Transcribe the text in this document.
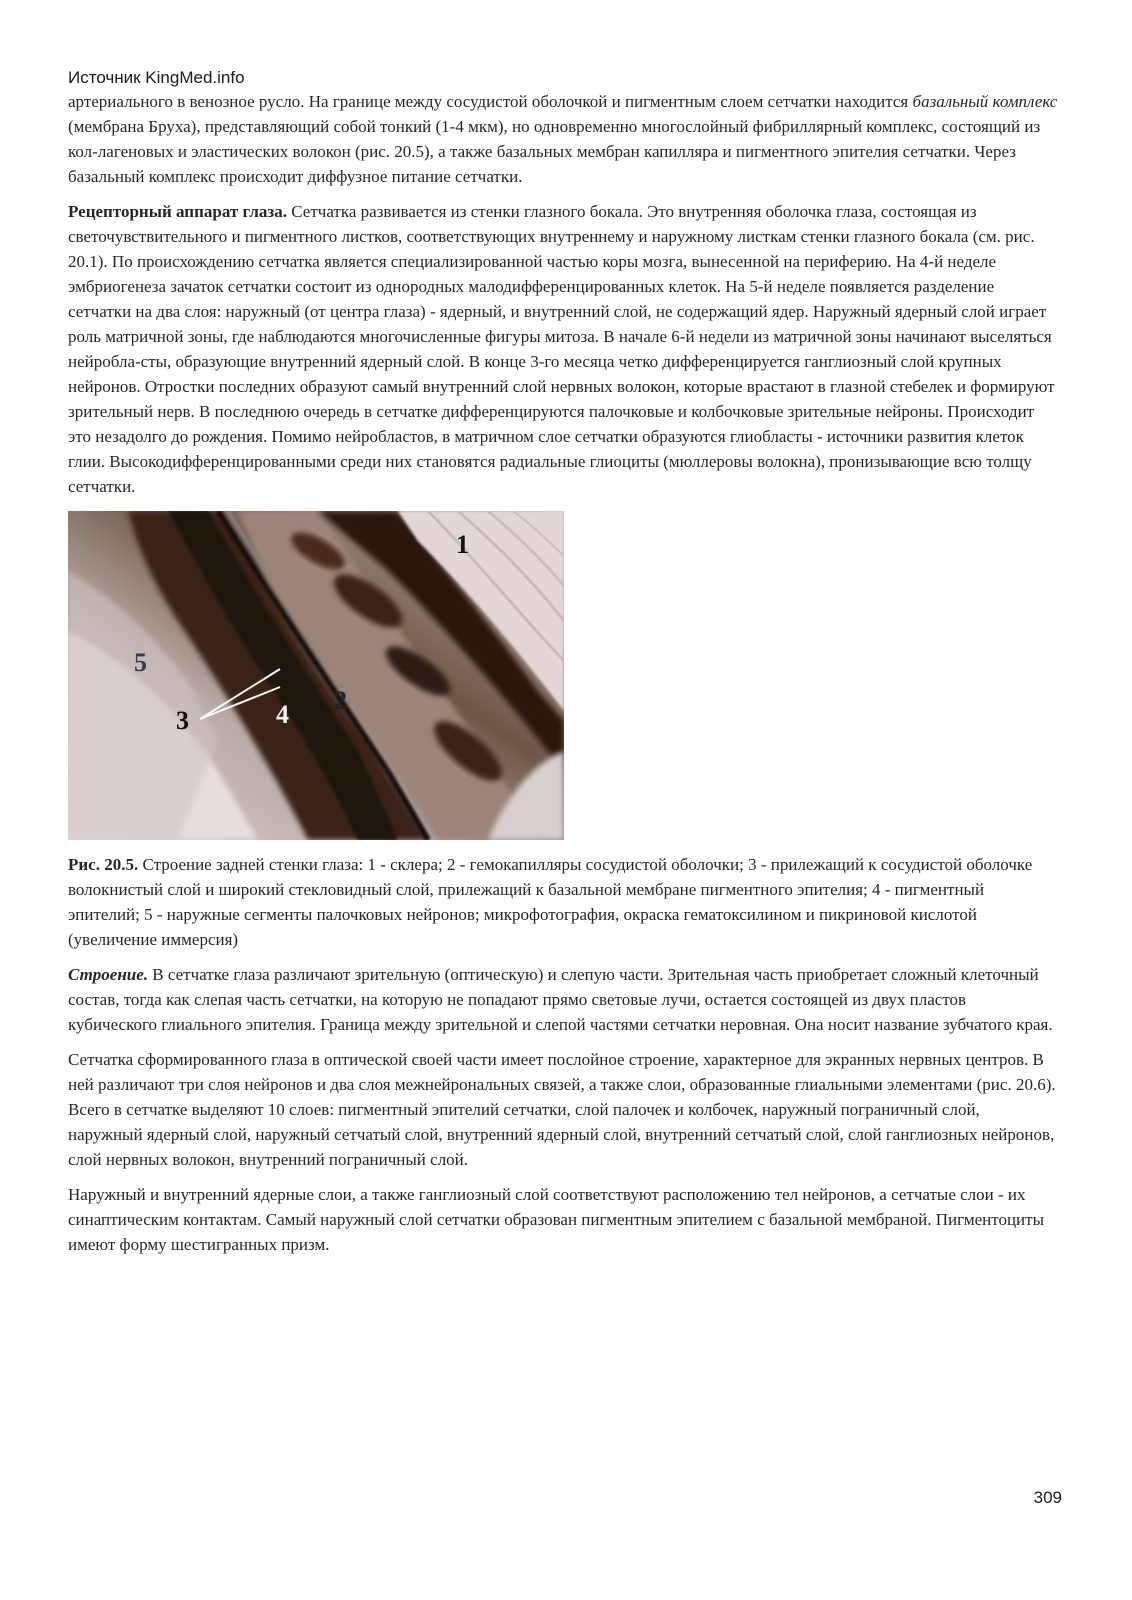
Источник KingMed.info

артериального в венозное русло. На границе между сосудистой оболочкой и пигментным слоем сетчатки находится базальный комплекс (мембрана Бруха), представляющий собой тонкий (1-4 мкм), но одновременно многослойный фибриллярный комплекс, состоящий из кол-лагеновых и эластических волокон (рис. 20.5), а также базальных мембран капилляра и пигментного эпителия сетчатки. Через базальный комплекс происходит диффузное питание сетчатки.

Рецепторный аппарат глаза. Сетчатка развивается из стенки глазного бокала. Это внутренняя оболочка глаза, состоящая из светочувствительного и пигментного листков, соответствующих внутреннему и наружному листкам стенки глазного бокала (см. рис. 20.1). По происхождению сетчатка является специализированной частью коры мозга, вынесенной на периферию. На 4-й неделе эмбриогенеза зачаток сетчатки состоит из однородных малодифференцированных клеток. На 5-й неделе появляется разделение сетчатки на два слоя: наружный (от центра глаза) - ядерный, и внутренний слой, не содержащий ядер. Наружный ядерный слой играет роль матричной зоны, где наблюдаются многочисленные фигуры митоза. В начале 6-й недели из матричной зоны начинают выселяться нейробла-сты, образующие внутренний ядерный слой. В конце 3-го месяца четко дифференцируется ганглиозный слой крупных нейронов. Отростки последних образуют самый внутренний слой нервных волокон, которые врастают в глазной стебелек и формируют зрительный нерв. В последнюю очередь в сетчатке дифференцируются палочковые и колбочковые зрительные нейроны. Происходит это незадолго до рождения. Помимо нейробластов, в матричном слое сетчатки образуются глиобласты - источники развития клеток глии. Высокодифференцированными среди них становятся радиальные глиоциты (мюллеровы волокна), пронизывающие всю толщу сетчатки.

1
2
3	4
5

Рис. 20.5. Строение задней стенки глаза: 1 - склера; 2 - гемокапилляры сосудистой оболочки; 3 - прилежащий к сосудистой оболочке волокнистый слой и широкий стекловидный слой, прилежащий к базальной мембране пигментного эпителия; 4 - пигментный эпителий; 5 - наружные сегменты палочковых нейронов; микрофотография, окраска гематоксилином и пикриновой кислотой (увеличение иммерсия)

Строение. В сетчатке глаза различают зрительную (оптическую) и слепую части. Зрительная часть приобретает сложный клеточный состав, тогда как слепая часть сетчатки, на которую не попадают прямо световые лучи, остается состоящей из двух пластов кубического глиального эпителия. Граница между зрительной и слепой частями сетчатки неровная. Она носит название зубчатого края.

Сетчатка сформированного глаза в оптической своей части имеет послойное строение, характерное для экранных нервных центров. В ней различают три слоя нейронов и два слоя межнейрональных связей, а также слои, образованные глиальными элементами (рис. 20.6). Всего в сетчатке выделяют 10 слоев: пигментный эпителий сетчатки, слой палочек и колбочек, наружный пограничный слой, наружный ядерный слой, наружный сетчатый слой, внутренний ядерный слой, внутренний сетчатый слой, слой ганглиозных нейронов, слой нервных волокон, внутренний пограничный слой.

Наружный и внутренний ядерные слои, а также ганглиозный слой соответствуют расположению тел нейронов, а сетчатые слои - их синаптическим контактам. Самый наружный слой сетчатки образован пигментным эпителием с базальной мембраной. Пигментоциты имеют форму шестигранных призм.

309
